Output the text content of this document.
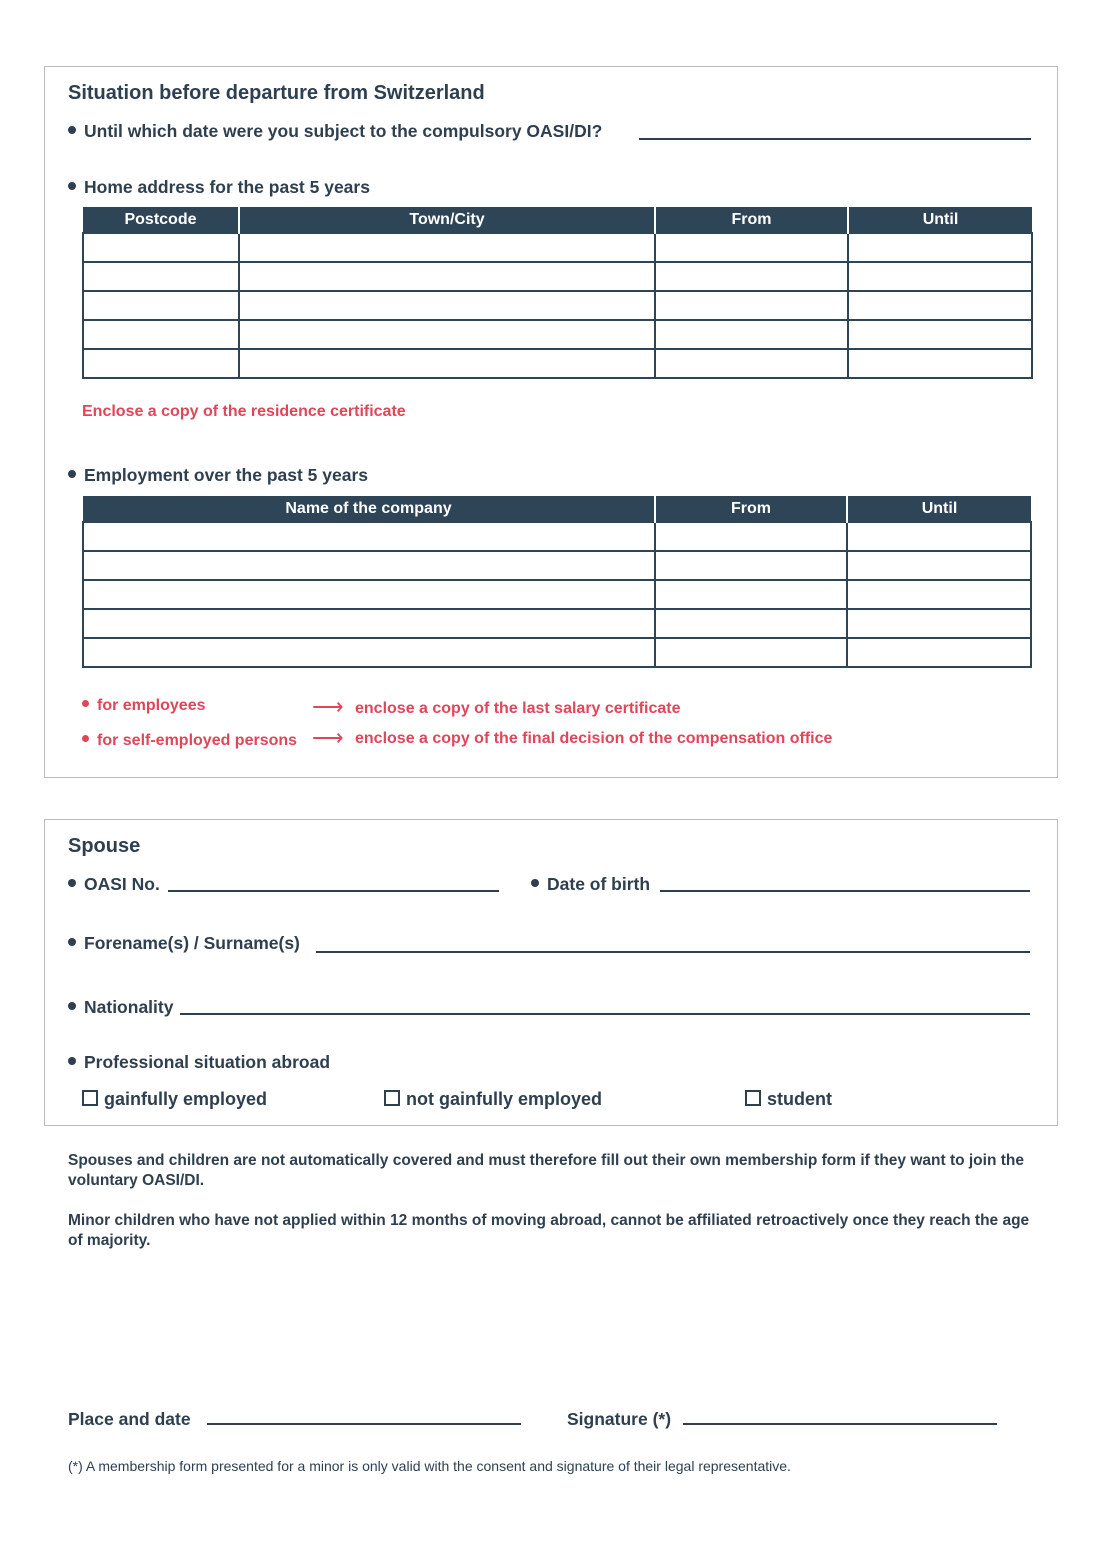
Situation before departure from Switzerland
Until which date were you subject to the compulsory OASI/DI?
Home address for the past 5 years
Postcode	Town/City	From	Until

Enclose a copy of the residence certificate
Employment over the past 5 years
Name of the company	From	Until

for employees	⟶ enclose a copy of the last salary certificate
for self-employed persons ⟶ enclose a copy of the final decision of the compensation office
Spouse
OASI No.	Date of birth
Forename(s) / Surname(s)
Nationality
Professional situation abroad
gainfully employed	not gainfully employed	student
Spouses and children are not automatically covered and must therefore fill out their own membership form if they want to join the voluntary OASI/DI.
Minor children who have not applied within 12 months of moving abroad, cannot be affiliated retroactively once they reach the age of majority.
Place and date	Signature (*)
(*) A membership form presented for a minor is only valid with the consent and signature of their legal representative.
